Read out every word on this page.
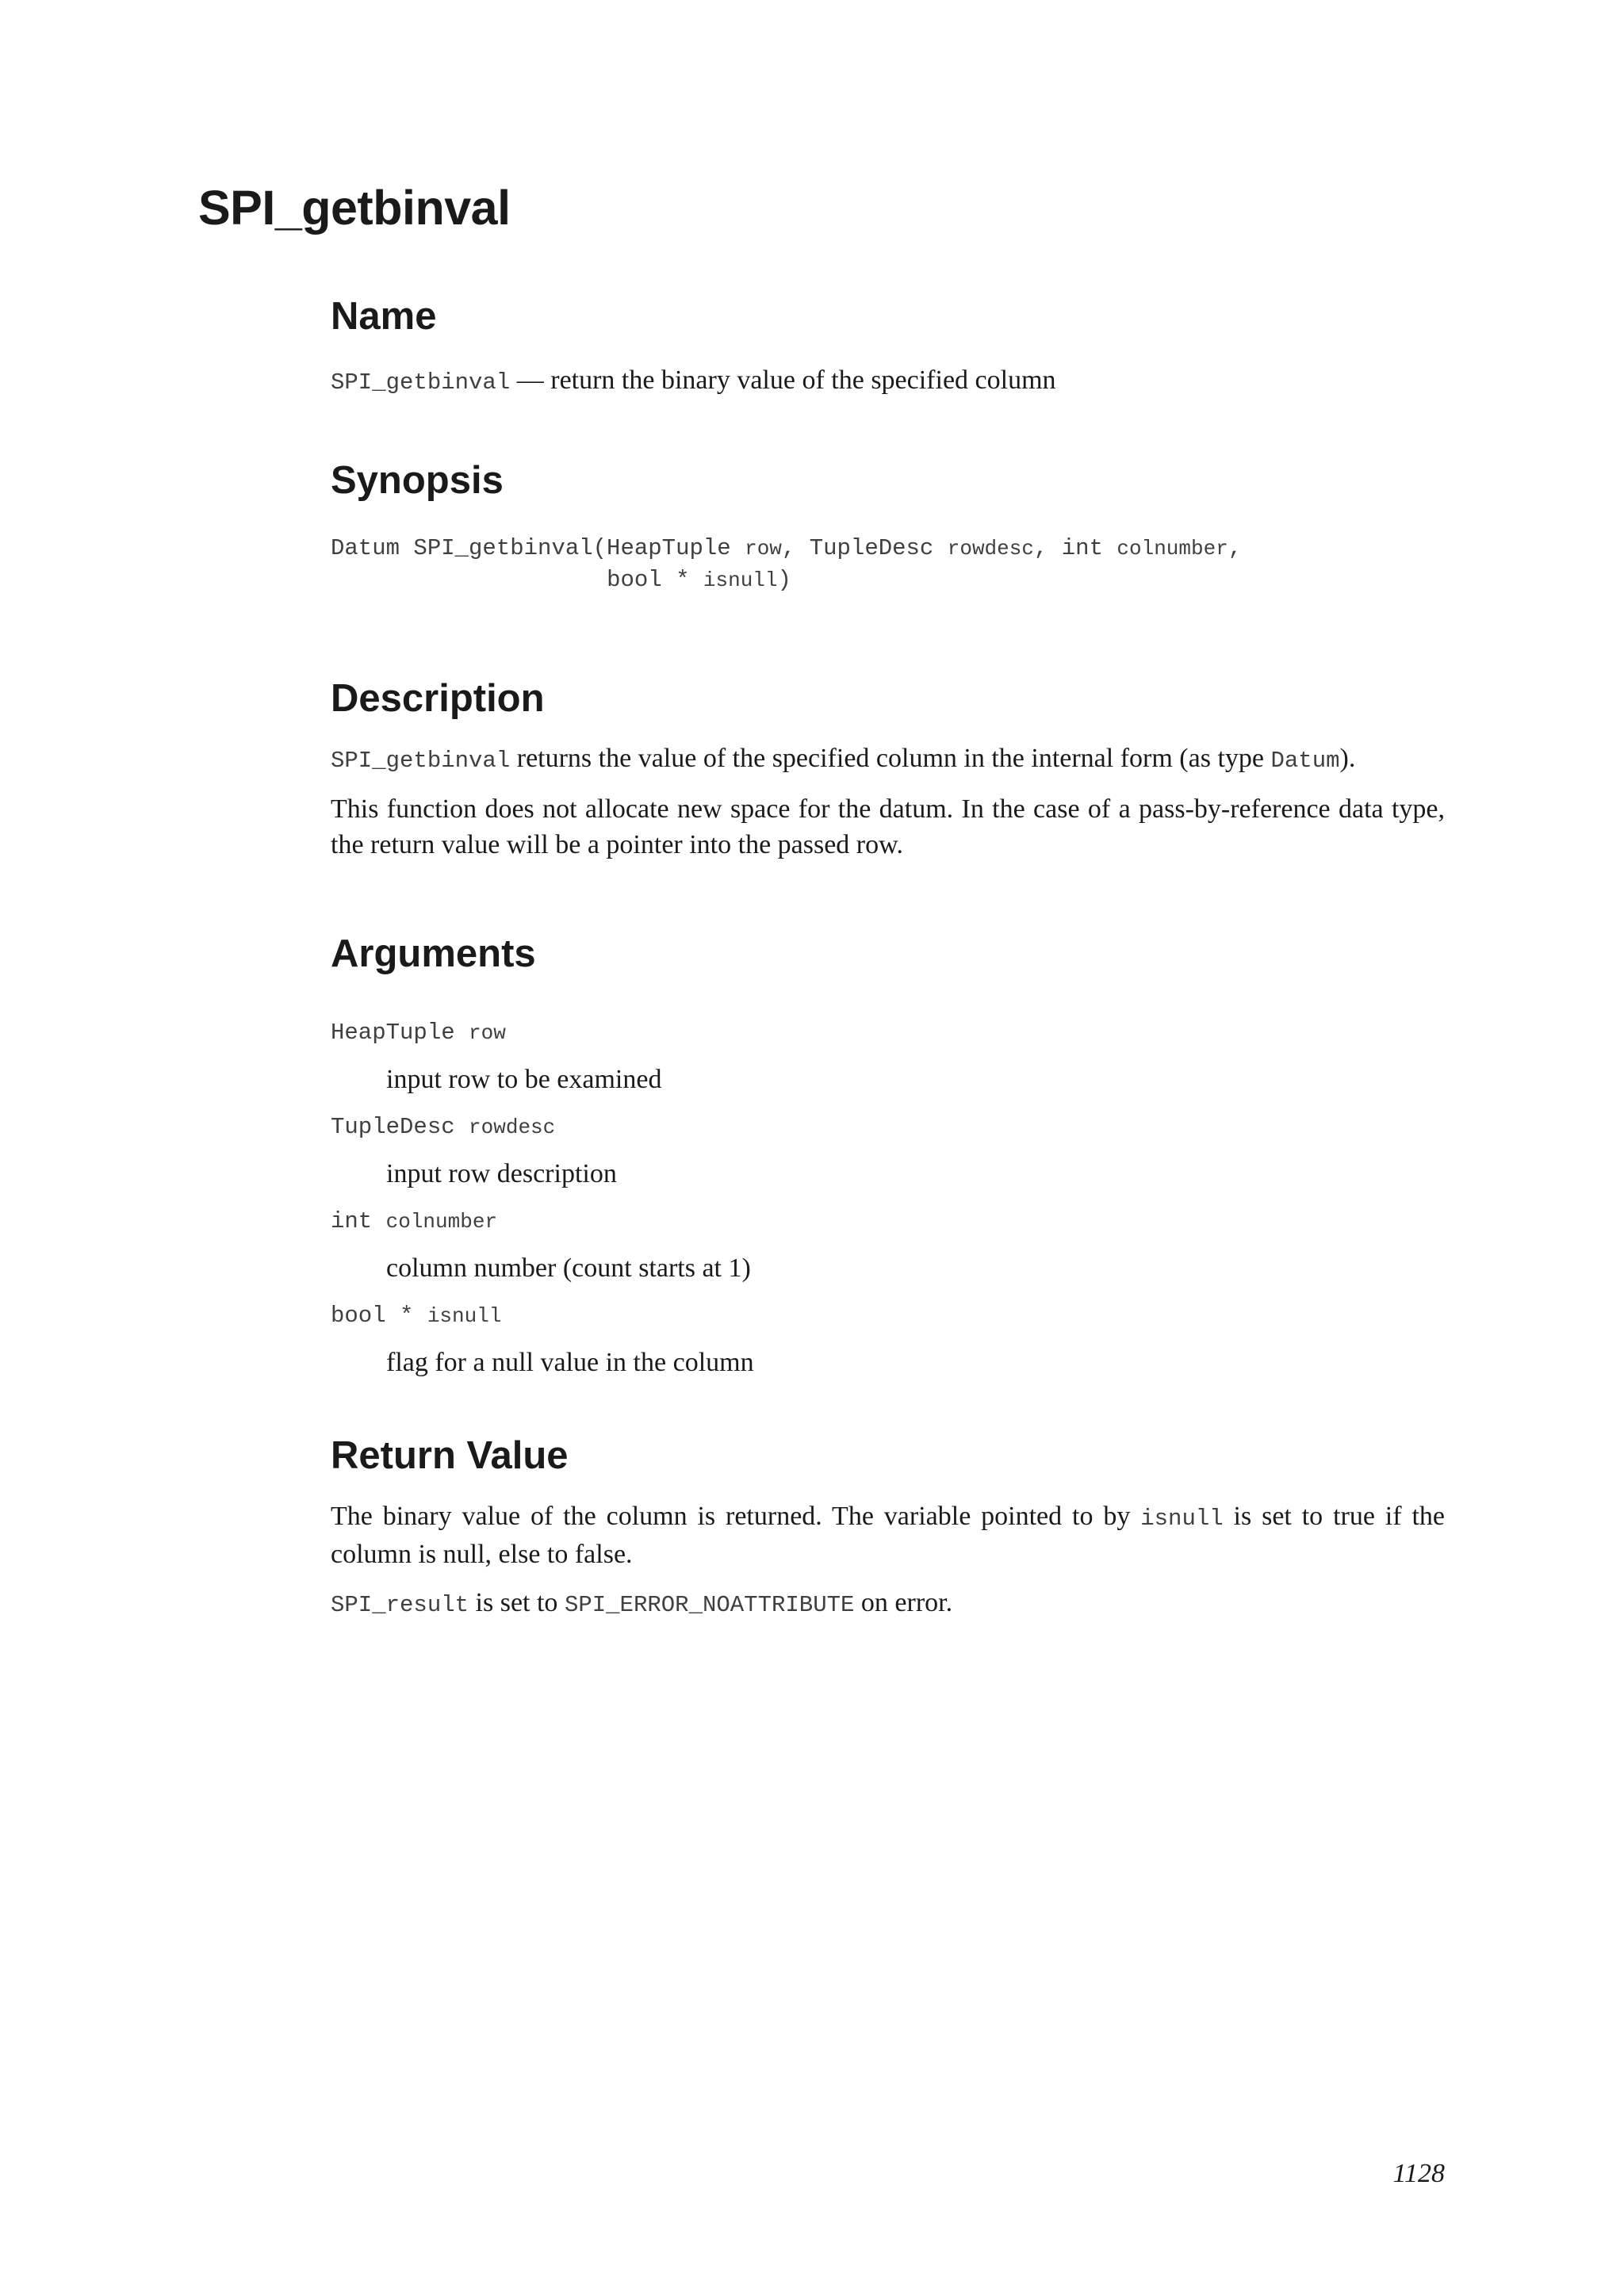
SPI_getbinval
Name

SPI_getbinval — return the binary value of the specified column

Synopsis
Datum SPI_getbinval(HeapTuple row, TupleDesc rowdesc, int colnumber,
bool * isnull)
Description

SPI_getbinval returns the value of the specified column in the internal form (as type Datum).

This function does not allocate new space for the datum. In the case of a pass-by-reference data type, the return value will be a pointer into the passed row.

Arguments
HeapTuple row
input row to be examined
TupleDesc rowdesc
input row description
int colnumber
column number (count starts at 1)
bool * isnull
flag for a null value in the column
Return Value

The binary value of the column is returned. The variable pointed to by isnull is set to true if the column is null, else to false.

SPI_result is set to SPI_ERROR_NOATTRIBUTE on error.

1128
